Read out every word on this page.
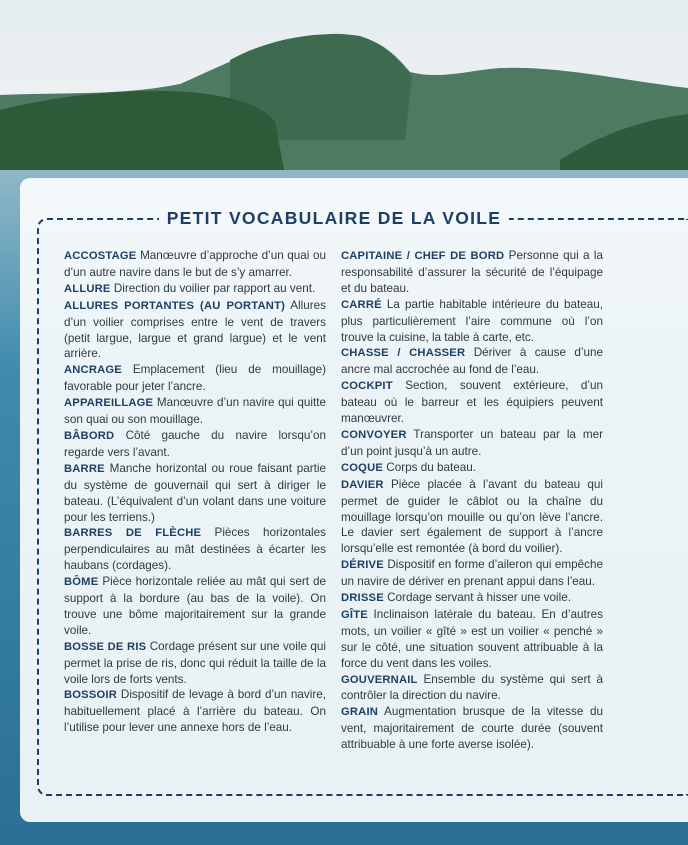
PETIT VOCABULAIRE DE LA VOILE

ACCOSTAGE Manœuvre d’approche d’un quai ou d’un autre navire dans le but de s’y amarrer.

ALLURE Direction du voilier par rapport au vent.

ALLURES PORTANTES (AU PORTANT) Allures d’un voilier comprises entre le vent de travers (petit largue, largue et grand largue) et le vent arrière.

ANCRAGE Emplacement (lieu de mouillage) favorable pour jeter l’ancre.

APPAREILLAGE Manœuvre d’un navire qui quitte son quai ou son mouillage.

BÂBORD Côté gauche du navire lorsqu’on regarde vers l’avant.

BARRE Manche horizontal ou roue faisant partie du système de gouvernail qui sert à diriger le bateau. (L’équivalent d’un volant dans une voiture pour les terriens.)

BARRES DE FLÈCHE Pièces horizontales perpendiculaires au mât destinées à écarter les haubans (cordages).

BÔME Pièce horizontale reliée au mât qui sert de support à la bordure (au bas de la voile). On trouve une bôme majoritairement sur la grande voile.

BOSSE DE RIS Cordage présent sur une voile qui permet la prise de ris, donc qui réduit la taille de la voile lors de forts vents.

BOSSOIR Dispositif de levage à bord d’un navire, habituellement placé à l’arrière du bateau. On l’utilise pour lever une annexe hors de l’eau.

CAPITAINE / CHEF DE BORD Personne qui a la responsabilité d’assurer la sécurité de l’équipage et du bateau.

CARRÉ La partie habitable intérieure du bateau, plus particulièrement l’aire commune où l’on trouve la cuisine, la table à carte, etc.

CHASSE / CHASSER Dériver à cause d’une ancre mal accrochée au fond de l’eau.

COCKPIT Section, souvent extérieure, d’un bateau où le barreur et les équipiers peuvent manœuvrer.

CONVOYER Transporter un bateau par la mer d’un point jusqu’à un autre.

COQUE Corps du bateau.

DAVIER Pièce placée à l’avant du bateau qui permet de guider le câblot ou la chaîne du mouillage lorsqu’on mouille ou qu’on lève l’ancre. Le davier sert également de support à l’ancre lorsqu’elle est remontée (à bord du voilier).

DÉRIVE Dispositif en forme d’aileron qui empêche un navire de dériver en prenant appui dans l’eau.

DRISSE Cordage servant à hisser une voile.

GÎTE Inclinaison latérale du bateau. En d’autres mots, un voilier « gîté » est un voilier « penché » sur le côté, une situation souvent attribuable à la force du vent dans les voiles.

GOUVERNAIL Ensemble du système qui sert à contrôler la direction du navire.

GRAIN Augmentation brusque de la vitesse du vent, majoritairement de courte durée (souvent attribuable à une forte averse isolée).
